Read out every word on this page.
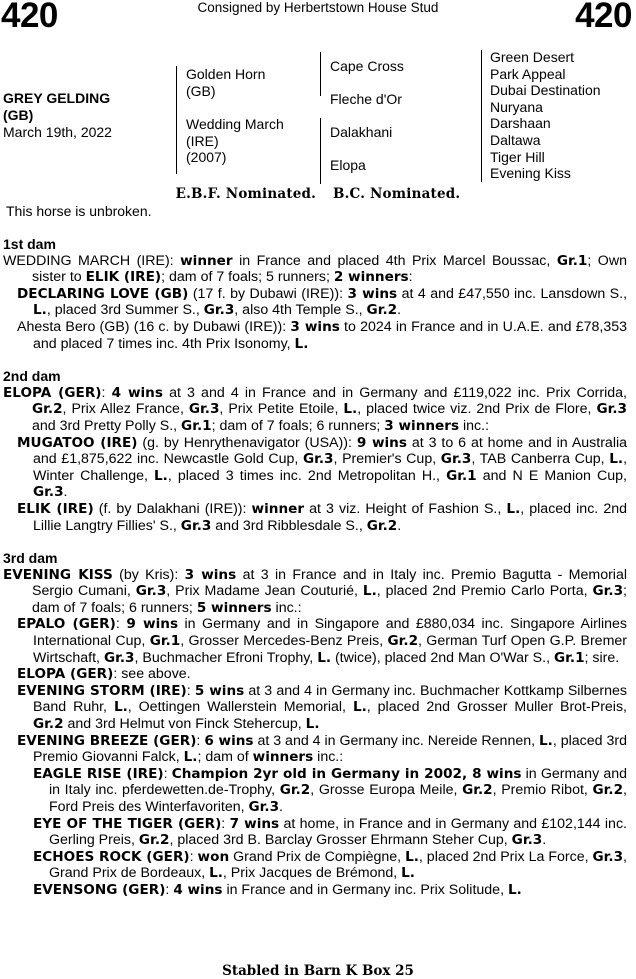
420	Consigned by Herbertstown House Stud	420
GREY GELDING
(GB)
March 19th, 2022
Golden Horn
(GB)
Wedding March
(IRE)
(2007)
Cape Cross
Fleche d'Or
Dalakhani
Elopa
Green Desert
Park Appeal
Dubai Destination
Nuryana
Darshaan
Daltawa
Tiger Hill
Evening Kiss
E.B.F. Nominated. B.C. Nominated.
This horse is unbroken.
1st dam
WEDDING MARCH (IRE): winner in France and placed 4th Prix Marcel Boussac, Gr.1; Own sister to ELIK (IRE); dam of 7 foals; 5 runners; 2 winners:
DECLARING LOVE (GB) (17 f. by Dubawi (IRE)): 3 wins at 4 and £47,550 inc. Lansdown S., L., placed 3rd Summer S., Gr.3, also 4th Temple S., Gr.2.
Ahesta Bero (GB) (16 c. by Dubawi (IRE)): 3 wins to 2024 in France and in U.A.E. and £78,353 and placed 7 times inc. 4th Prix Isonomy, L.
2nd dam
ELOPA (GER): 4 wins at 3 and 4 in France and in Germany and £119,022 inc. Prix Corrida, Gr.2, Prix Allez France, Gr.3, Prix Petite Etoile, L., placed twice viz. 2nd Prix de Flore, Gr.3 and 3rd Pretty Polly S., Gr.1; dam of 7 foals; 6 runners; 3 winners inc.:
MUGATOO (IRE) (g. by Henrythenavigator (USA)): 9 wins at 3 to 6 at home and in Australia and £1,875,622 inc. Newcastle Gold Cup, Gr.3, Premier's Cup, Gr.3, TAB Canberra Cup, L., Winter Challenge, L., placed 3 times inc. 2nd Metropolitan H., Gr.1 and N E Manion Cup, Gr.3.
ELIK (IRE) (f. by Dalakhani (IRE)): winner at 3 viz. Height of Fashion S., L., placed inc. 2nd Lillie Langtry Fillies' S., Gr.3 and 3rd Ribblesdale S., Gr.2.
3rd dam
EVENING KISS (by Kris): 3 wins at 3 in France and in Italy inc. Premio Bagutta - Memorial Sergio Cumani, Gr.3, Prix Madame Jean Couturié, L., placed 2nd Premio Carlo Porta, Gr.3; dam of 7 foals; 6 runners; 5 winners inc.:
EPALO (GER): 9 wins in Germany and in Singapore and £880,034 inc. Singapore Airlines International Cup, Gr.1, Grosser Mercedes-Benz Preis, Gr.2, German Turf Open G.P. Bremer Wirtschaft, Gr.3, Buchmacher Efroni Trophy, L. (twice), placed 2nd Man O'War S., Gr.1; sire.
ELOPA (GER): see above.
EVENING STORM (IRE): 5 wins at 3 and 4 in Germany inc. Buchmacher Kottkamp Silbernes Band Ruhr, L., Oettingen Wallerstein Memorial, L., placed 2nd Grosser Muller Brot-Preis, Gr.2 and 3rd Helmut von Finck Stehercup, L.
EVENING BREEZE (GER): 6 wins at 3 and 4 in Germany inc. Nereide Rennen, L., placed 3rd Premio Giovanni Falck, L.; dam of winners inc.:
EAGLE RISE (IRE): Champion 2yr old in Germany in 2002, 8 wins in Germany and in Italy inc. pferdewetten.de-Trophy, Gr.2, Grosse Europa Meile, Gr.2, Premio Ribot, Gr.2, Ford Preis des Winterfavoriten, Gr.3.
EYE OF THE TIGER (GER): 7 wins at home, in France and in Germany and £102,144 inc. Gerling Preis, Gr.2, placed 3rd B. Barclay Grosser Ehrmann Steher Cup, Gr.3.
ECHOES ROCK (GER): won Grand Prix de Compiègne, L., placed 2nd Prix La Force, Gr.3, Grand Prix de Bordeaux, L., Prix Jacques de Brémond, L.
EVENSONG (GER): 4 wins in France and in Germany inc. Prix Solitude, L.
Stabled in Barn K Box 25
